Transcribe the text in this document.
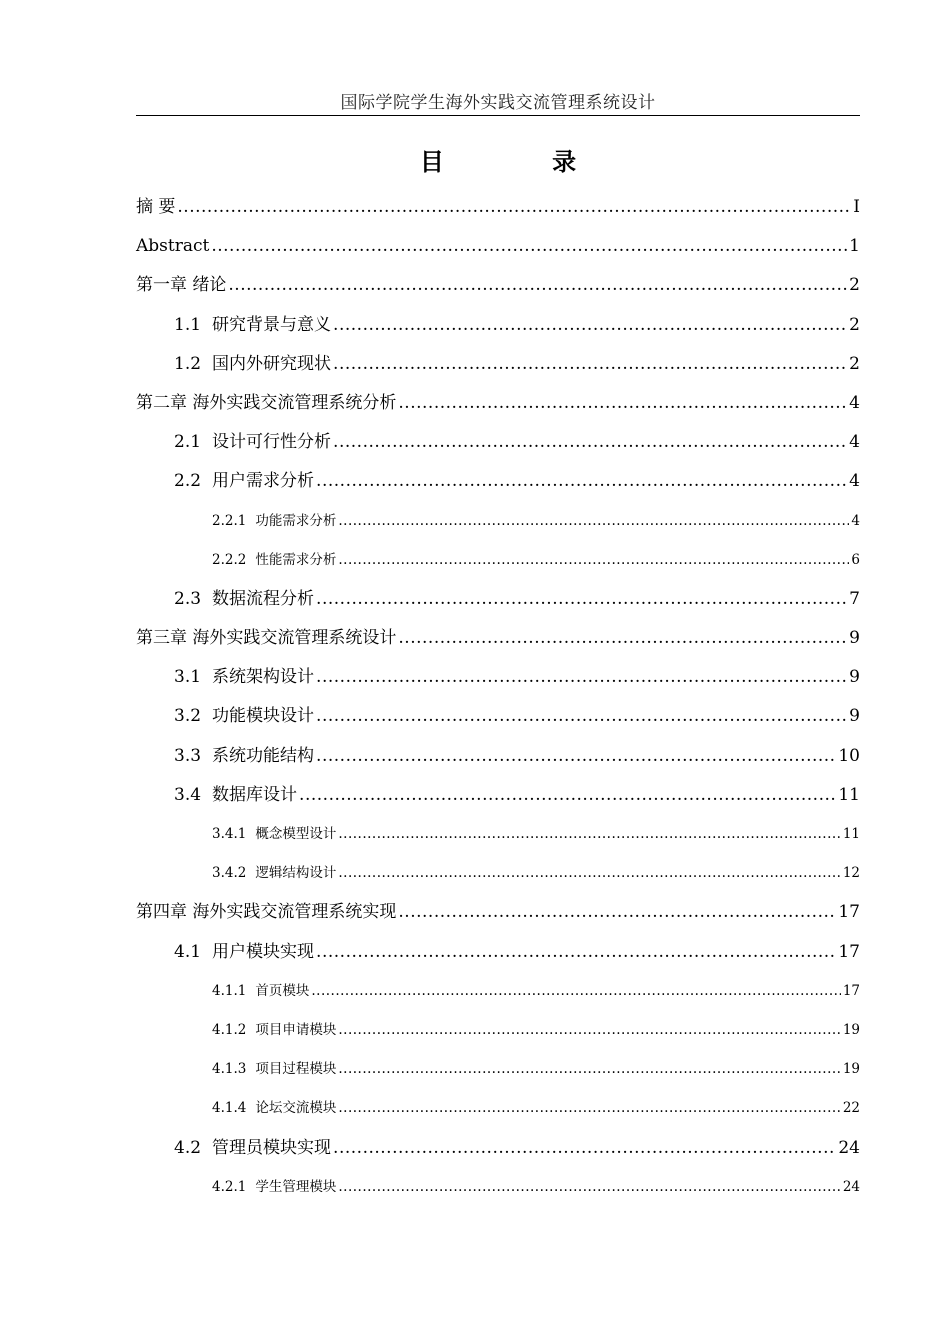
国际学院学生海外实践交流管理系统设计
目 录
摘 要 .....	I
Abstract .....	1
第一章 绪论 .....	2
1.1 研究背景与意义 .....	2
1.2 国内外研究现状 .....	2
第二章 海外实践交流管理系统分析 .....	4
2.1 设计可行性分析 .....	4
2.2 用户需求分析 .....	4
2.2.1 功能需求分析 .....	4
2.2.2 性能需求分析 .....	6
2.3 数据流程分析 .....	7
第三章 海外实践交流管理系统设计 .....	9
3.1 系统架构设计 .....	9
3.2 功能模块设计 .....	9
3.3 系统功能结构 .....	10
3.4 数据库设计 .....	11
3.4.1 概念模型设计 .....	11
3.4.2 逻辑结构设计 .....	12
第四章 海外实践交流管理系统实现 .....	17
4.1 用户模块实现 .....	17
4.1.1 首页模块 .....	17
4.1.2 项目申请模块 .....	19
4.1.3 项目过程模块 .....	19
4.1.4 论坛交流模块 .....	22
4.2 管理员模块实现 .....	24
4.2.1 学生管理模块 .....	24
